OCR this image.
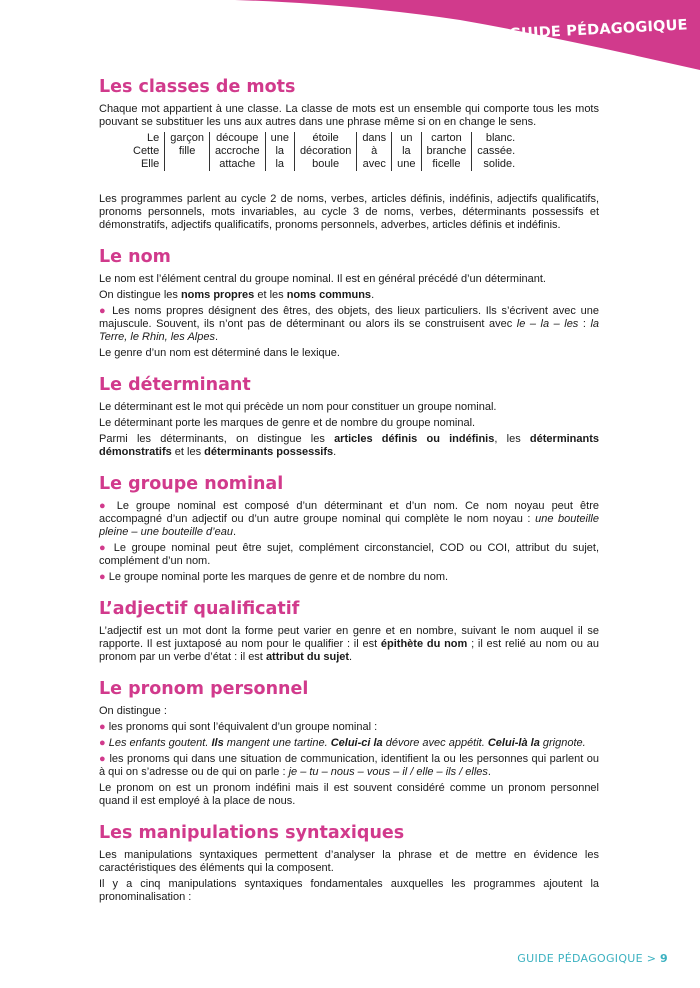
GUIDE PÉDAGOGIQUE
Les classes de mots

Chaque mot appartient à une classe. La classe de mots est un ensemble qui comporte tous les mots pouvant se substituer les uns aux autres dans une phrase même si on en change le sens.

Le	garçon	découpe	une	étoile	dans	un	carton	blanc.
Cette	fille	accroche	la	décoration	à	la	branche	cassée.
Elle		attache	la	boule	avec	une	ficelle	solide.

Les programmes parlent au cycle 2 de noms, verbes, articles définis, indéfinis, adjectifs qualificatifs, pronoms personnels, mots invariables, au cycle 3 de noms, verbes, déterminants possessifs et démonstratifs, adjectifs qualificatifs, pronoms personnels, adverbes, articles définis et indéfinis.

Le nom

Le nom est l’élément central du groupe nominal. Il est en général précédé d’un déterminant.

On distingue les noms propres et les noms communs.

● Les noms propres désignent des êtres, des objets, des lieux particuliers. Ils s’écrivent avec une majuscule. Souvent, ils n’ont pas de déterminant ou alors ils se construisent avec le – la – les : la Terre, le Rhin, les Alpes.

Le genre d’un nom est déterminé dans le lexique.

Le déterminant

Le déterminant est le mot qui précède un nom pour constituer un groupe nominal.

Le déterminant porte les marques de genre et de nombre du groupe nominal.

Parmi les déterminants, on distingue les articles définis ou indéfinis, les déterminants démonstratifs et les déterminants possessifs.

Le groupe nominal

● Le groupe nominal est composé d’un déterminant et d’un nom. Ce nom noyau peut être accompagné d’un adjectif ou d’un autre groupe nominal qui complète le nom noyau : une bouteille pleine – une bouteille d’eau.

● Le groupe nominal peut être sujet, complément circonstanciel, COD ou COI, attribut du sujet, complément d’un nom.

● Le groupe nominal porte les marques de genre et de nombre du nom.

L’adjectif qualificatif

L’adjectif est un mot dont la forme peut varier en genre et en nombre, suivant le nom auquel il se rapporte. Il est juxtaposé au nom pour le qualifier : il est épithète du nom ; il est relié au nom ou au pronom par un verbe d’état : il est attribut du sujet.

Le pronom personnel

On distingue :

● les pronoms qui sont l’équivalent d’un groupe nominal :

● Les enfants goutent. Ils mangent une tartine. Celui-ci la dévore avec appétit. Celui-là la grignote.

● les pronoms qui dans une situation de communication, identifient la ou les personnes qui parlent ou à qui on s’adresse ou de qui on parle : je – tu – nous – vous – il / elle – ils / elles.

Le pronom on est un pronom indéfini mais il est souvent considéré comme un pronom personnel quand il est employé à la place de nous.

Les manipulations syntaxiques

Les manipulations syntaxiques permettent d’analyser la phrase et de mettre en évidence les caractéristiques des éléments qui la composent.

Il y a cinq manipulations syntaxiques fondamentales auxquelles les programmes ajoutent la pronominalisation :

GUIDE PÉDAGOGIQUE > 9
